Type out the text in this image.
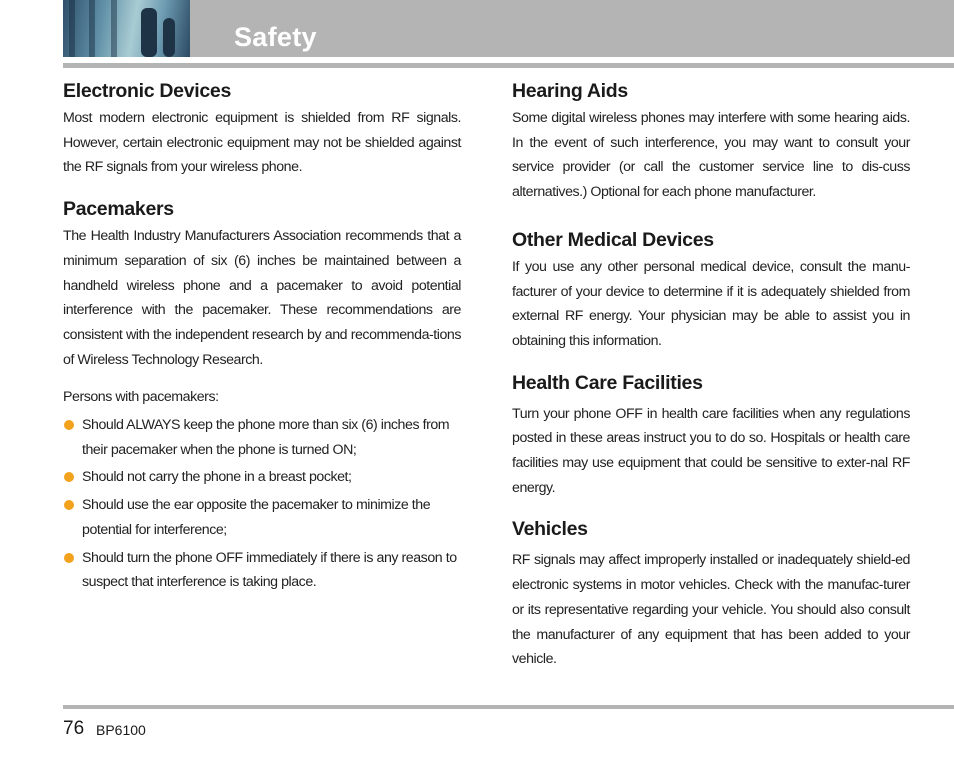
Safety
Electronic Devices

Most modern electronic equipment is shielded from RF signals. However, certain electronic equipment may not be shielded against the RF signals from your wireless phone.

Pacemakers

The Health Industry Manufacturers Association recommends that a minimum separation of six (6) inches be maintained between a handheld wireless phone and a pacemaker to avoid potential interference with the pacemaker. These recommendations are consistent with the independent research by and recommenda-tions of Wireless Technology Research.

Persons with pacemakers:

Should ALWAYS keep the phone more than six (6) inches from their pacemaker when the phone is turned ON;
Should not carry the phone in a breast pocket;
Should use the ear opposite the pacemaker to minimize the potential for interference;
Should turn the phone OFF immediately if there is any reason to suspect that interference is taking place.
Hearing Aids

Some digital wireless phones may interfere with some hearing aids. In the event of such interference, you may want to consult your service provider (or call the customer service line to dis-cuss alternatives.) Optional for each phone manufacturer.

Other Medical Devices

If you use any other personal medical device, consult the manu-facturer of your device to determine if it is adequately shielded from external RF energy. Your physician may be able to assist you in obtaining this information.

Health Care Facilities

Turn your phone OFF in health care facilities when any regulations posted in these areas instruct you to do so. Hospitals or health care facilities may use equipment that could be sensitive to exter-nal RF energy.

Vehicles

RF signals may affect improperly installed or inadequately shield-ed electronic systems in motor vehicles. Check with the manufac-turer or its representative regarding your vehicle. You should also consult the manufacturer of any equipment that has been added to your vehicle.

76 BP6100
